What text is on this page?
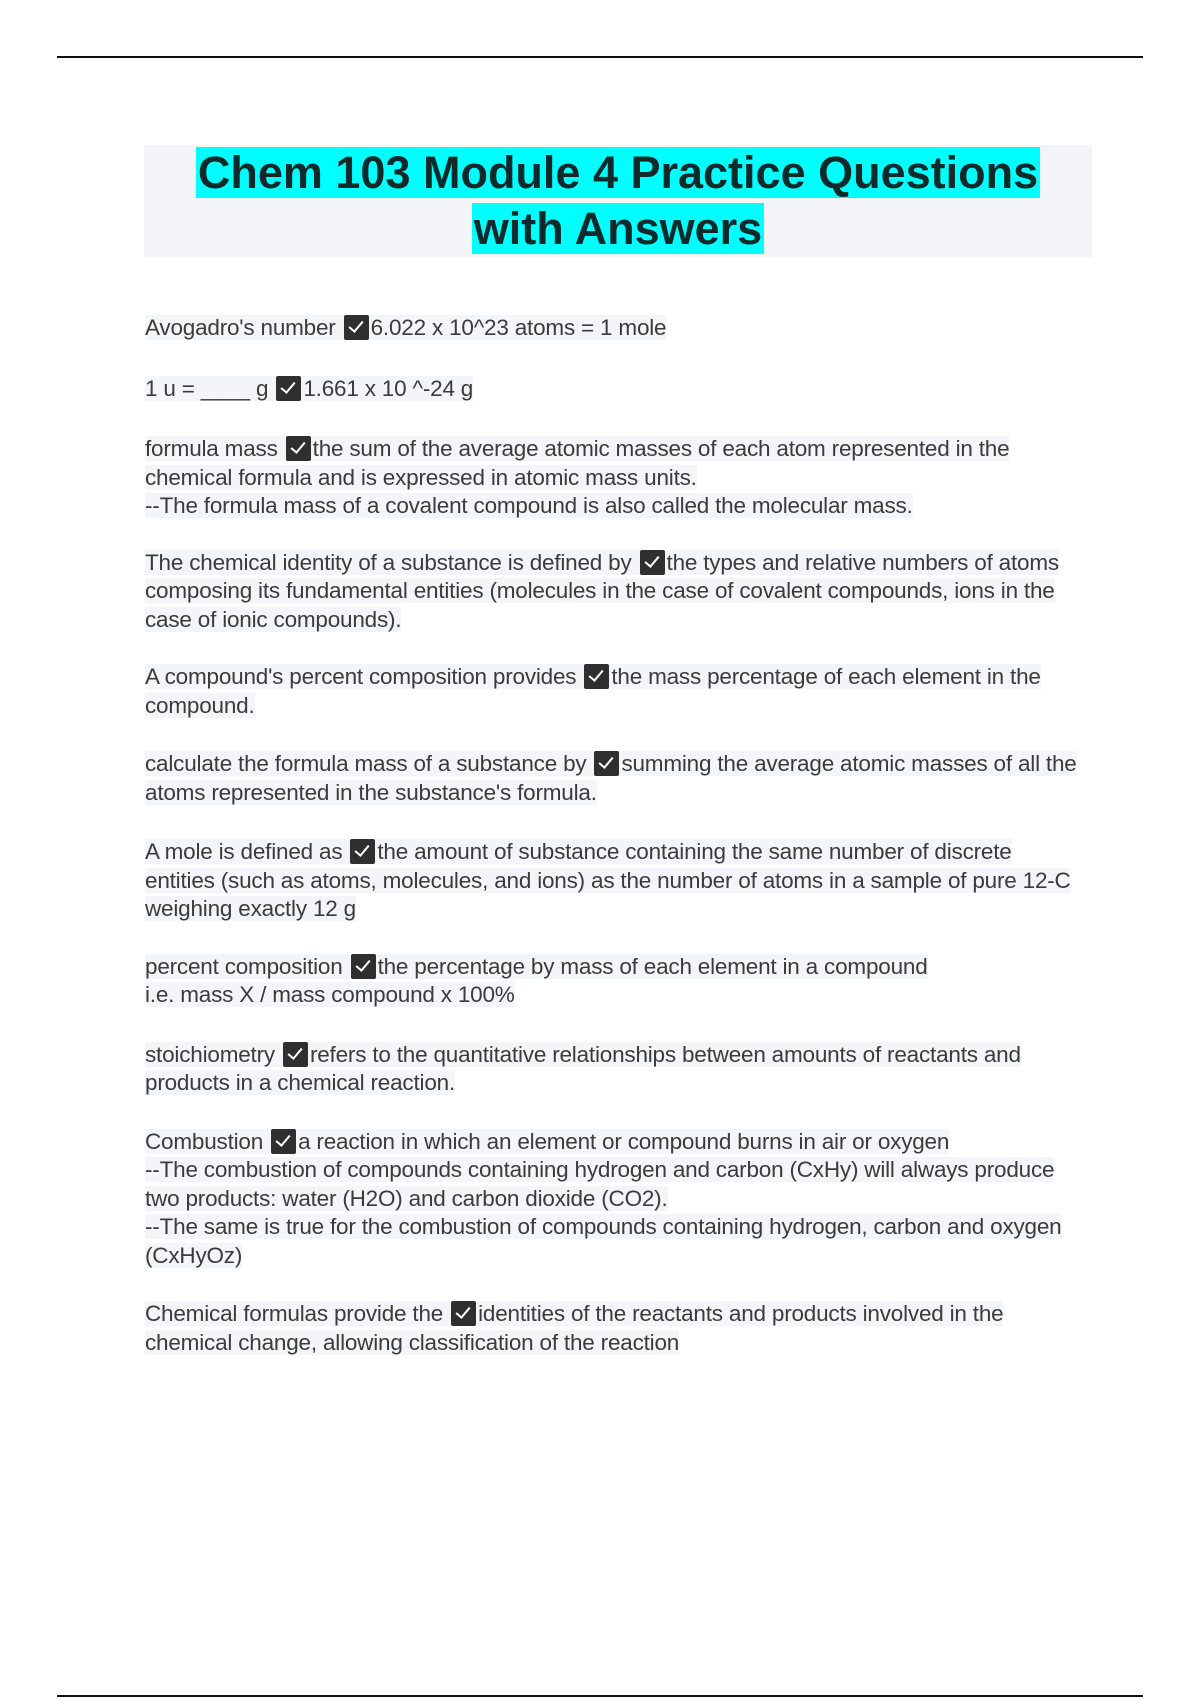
Chem 103 Module 4 Practice Questions
with Answers

Avogadro's number 6.022 x 10^23 atoms = 1 mole

1 u = ____ g 1.661 x 10 ^-24 g

formula mass the sum of the average atomic masses of each atom represented in the chemical formula and is expressed in atomic mass units.
--The formula mass of a covalent compound is also called the molecular mass.

The chemical identity of a substance is defined by the types and relative numbers of atoms composing its fundamental entities (molecules in the case of covalent compounds, ions in the case of ionic compounds).

A compound's percent composition provides the mass percentage of each element in the compound.

calculate the formula mass of a substance by summing the average atomic masses of all the atoms represented in the substance's formula.

A mole is defined as the amount of substance containing the same number of discrete entities (such as atoms, molecules, and ions) as the number of atoms in a sample of pure 12-C weighing exactly 12 g

percent composition the percentage by mass of each element in a compound
i.e. mass X / mass compound x 100%

stoichiometry refers to the quantitative relationships between amounts of reactants and products in a chemical reaction.

Combustion a reaction in which an element or compound burns in air or oxygen
--The combustion of compounds containing hydrogen and carbon (CxHy) will always produce two products: water (H2O) and carbon dioxide (CO2).
--The same is true for the combustion of compounds containing hydrogen, carbon and oxygen (CxHyOz)

Chemical formulas provide the identities of the reactants and products involved in the chemical change, allowing classification of the reaction
